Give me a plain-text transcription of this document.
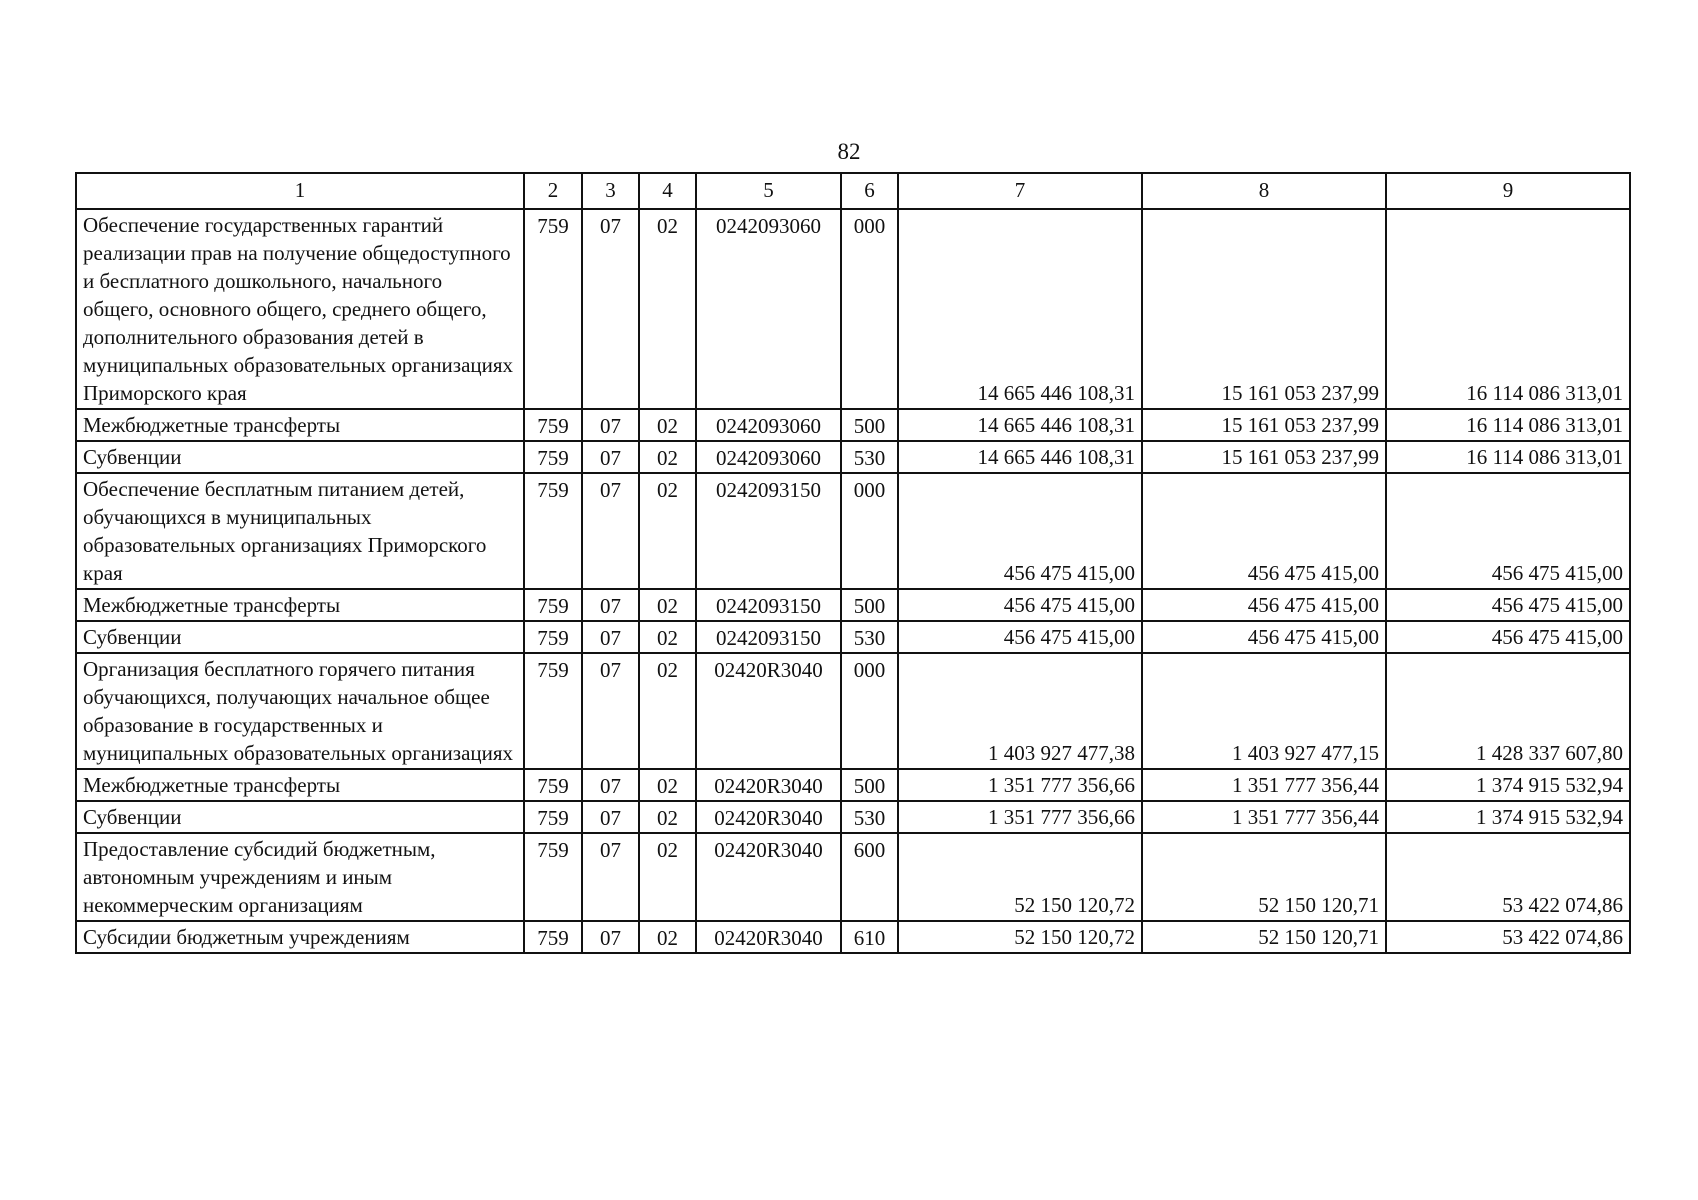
82
1	2	3	4	5	6	7	8	9
Обеспечение государственных гарантий реализации прав на получение общедоступного и бесплатного дошкольного, начального общего, основного общего, среднего общего, дополнительного образования детей в муниципальных образовательных организациях Приморского края	759	07	02	0242093060	000	14 665 446 108,31	15 161 053 237,99	16 114 086 313,01
Межбюджетные трансферты	759	07	02	0242093060	500	14 665 446 108,31	15 161 053 237,99	16 114 086 313,01
Субвенции	759	07	02	0242093060	530	14 665 446 108,31	15 161 053 237,99	16 114 086 313,01
Обеспечение бесплатным питанием детей, обучающихся в муниципальных образовательных организациях Приморского края	759	07	02	0242093150	000	456 475 415,00	456 475 415,00	456 475 415,00
Межбюджетные трансферты	759	07	02	0242093150	500	456 475 415,00	456 475 415,00	456 475 415,00
Субвенции	759	07	02	0242093150	530	456 475 415,00	456 475 415,00	456 475 415,00
Организация бесплатного горячего питания обучающихся, получающих начальное общее образование в государственных и муниципальных образовательных организациях	759	07	02	02420R3040	000	1 403 927 477,38	1 403 927 477,15	1 428 337 607,80
Межбюджетные трансферты	759	07	02	02420R3040	500	1 351 777 356,66	1 351 777 356,44	1 374 915 532,94
Субвенции	759	07	02	02420R3040	530	1 351 777 356,66	1 351 777 356,44	1 374 915 532,94
Предоставление субсидий бюджетным, автономным учреждениям и иным некоммерческим организациям	759	07	02	02420R3040	600	52 150 120,72	52 150 120,71	53 422 074,86
Субсидии бюджетным учреждениям	759	07	02	02420R3040	610	52 150 120,72	52 150 120,71	53 422 074,86
